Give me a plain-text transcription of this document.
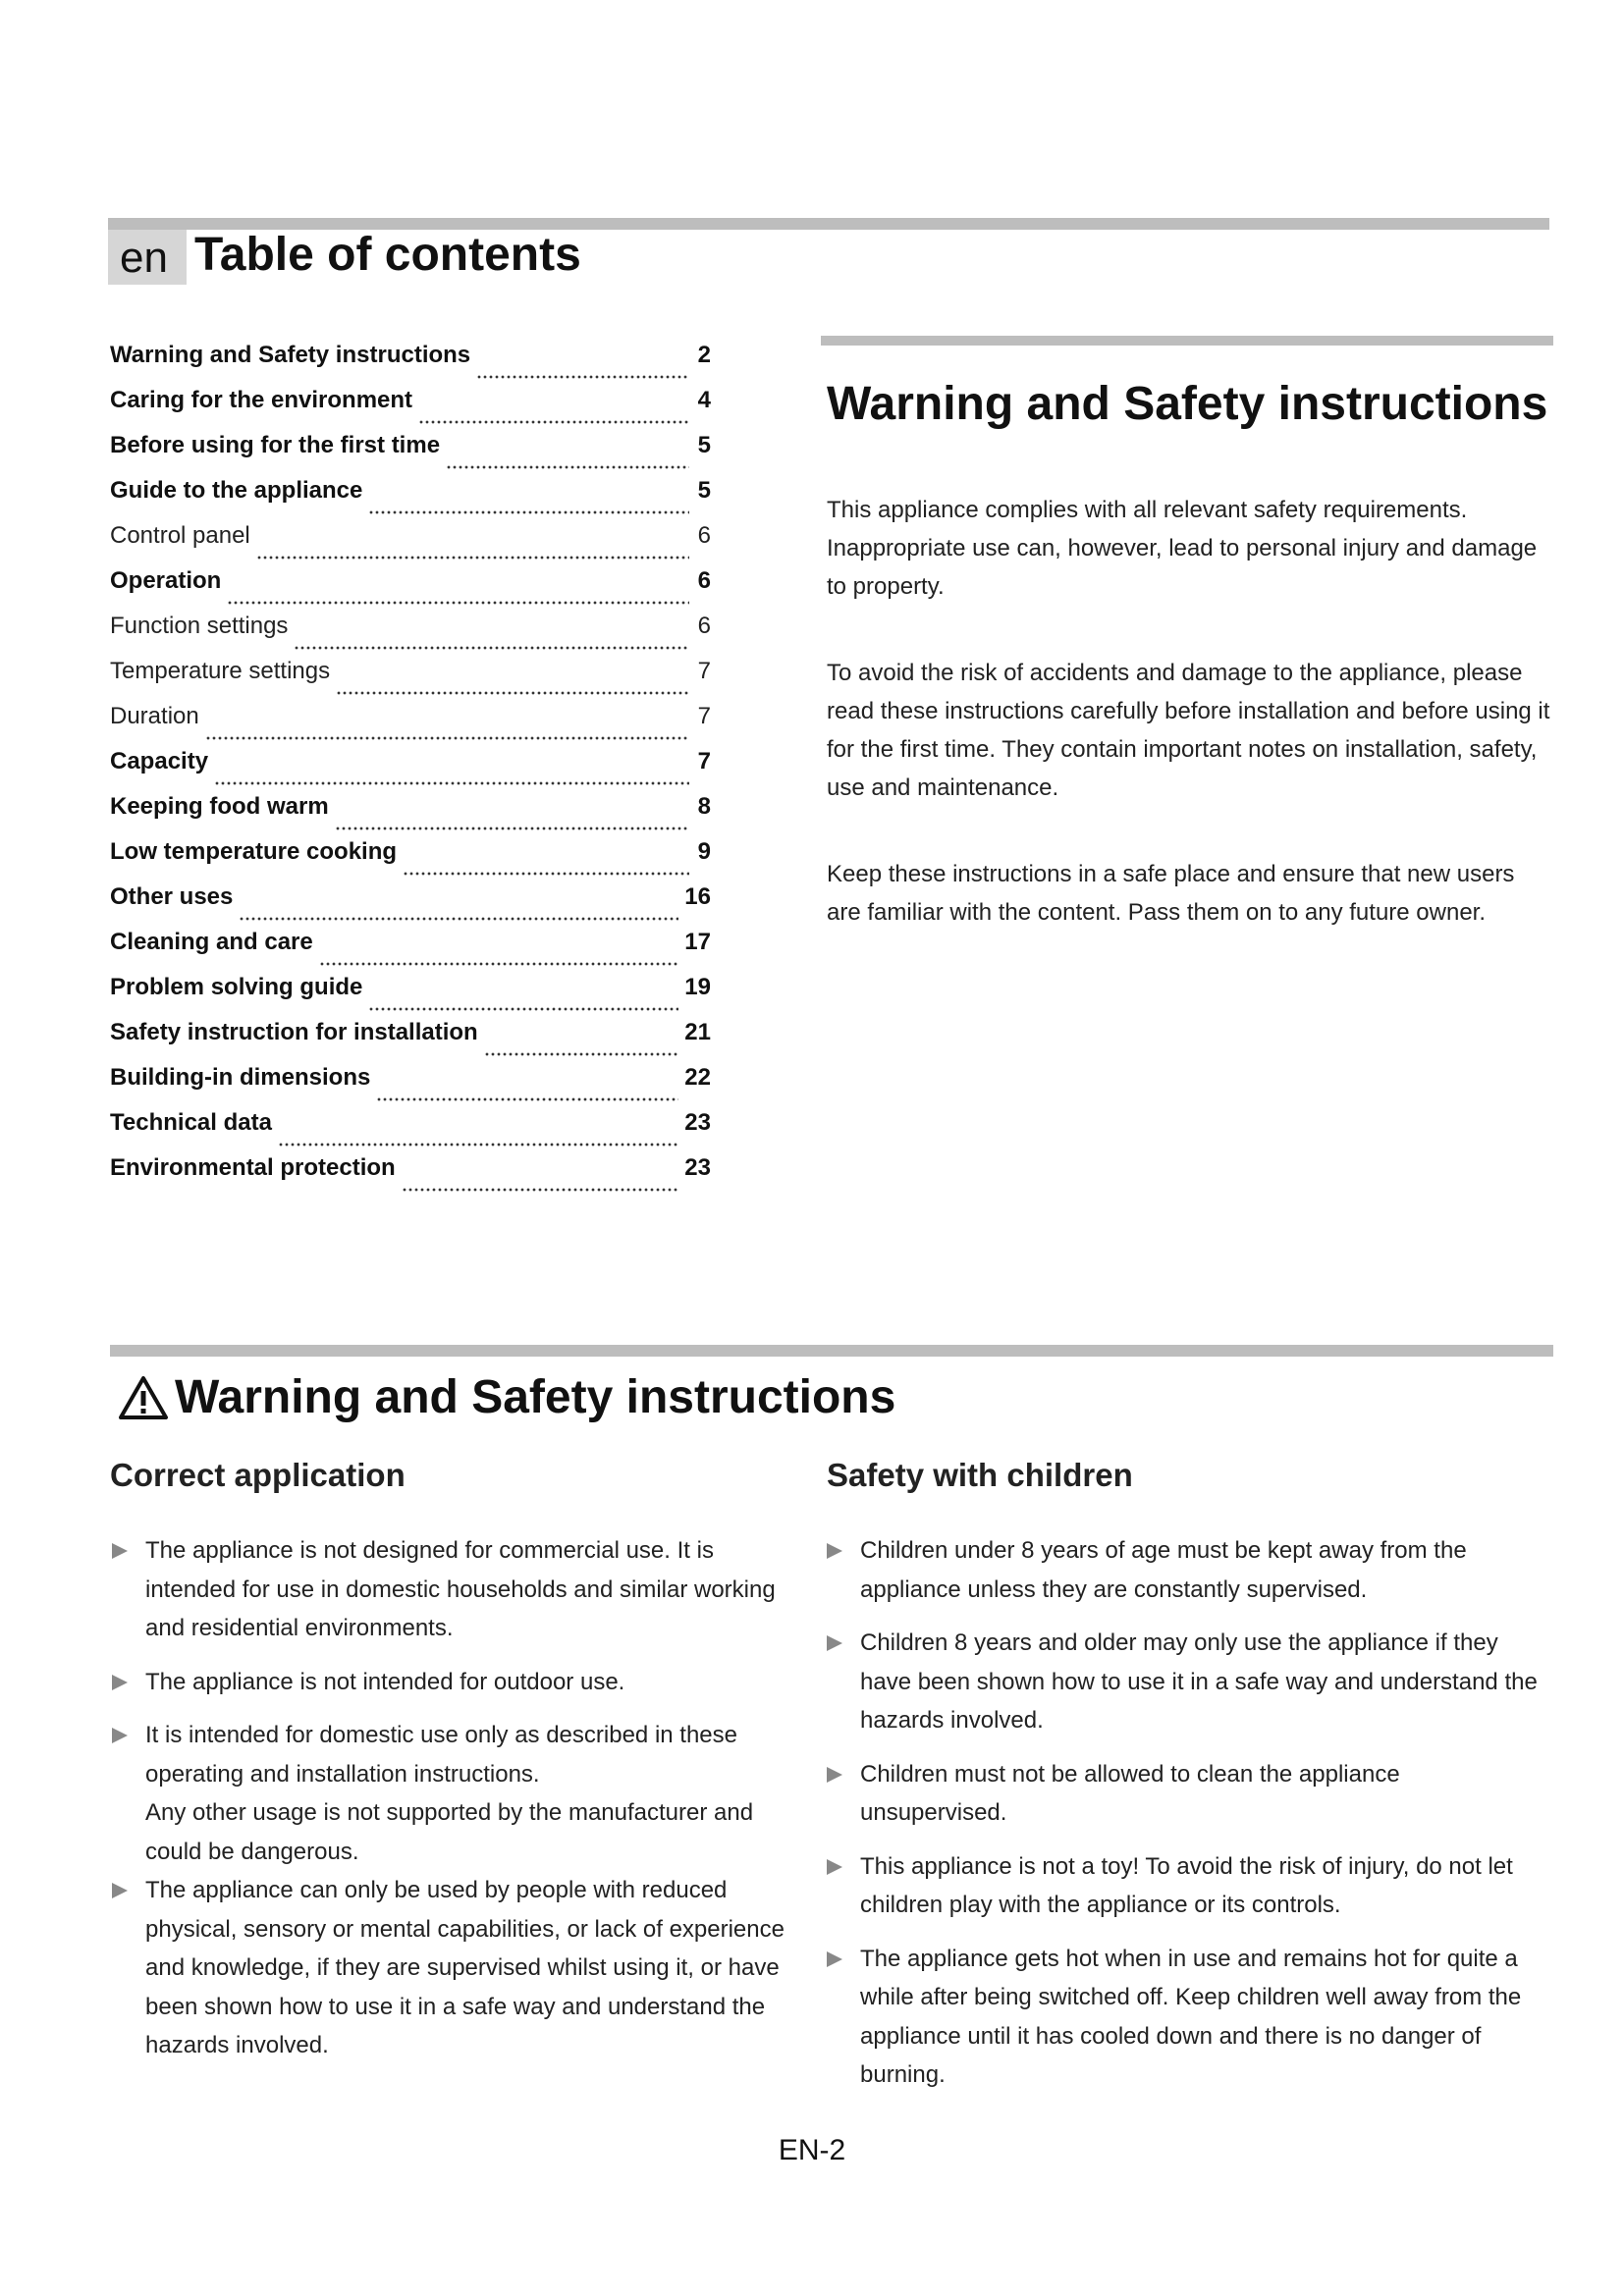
en Table of contents
Warning and Safety instructions	2
Caring for the environment	4
Before using for the first time	5
Guide to the appliance	5
Control panel	6
Operation	6
Function settings	6
Temperature settings	7
Duration	7
Capacity	7
Keeping food warm	8
Low temperature cooking	9
Other uses	16
Cleaning and care	17
Problem solving guide	19
Safety instruction for installation	21
Building-in dimensions	22
Technical data	23
Environmental protection	23
Warning and Safety instructions
This appliance complies with all relevant safety requirements. Inappropriate use can, however, lead to personal injury and damage to property.
To avoid the risk of accidents and damage to the appliance, please read these instructions carefully before installation and before using it for the first time. They contain important notes on installation, safety, use and maintenance.
Keep these instructions in a safe place and ensure that new users are familiar with the content. Pass them on to any future owner.
Warning and Safety instructions
Correct application
The appliance is not designed for commercial use. It is intended for use in domestic households and similar working and residential environments.
The appliance is not intended for outdoor use.
It is intended for domestic use only as described in these operating and installation instructions.
Any other usage is not supported by the manufacturer and could be dangerous.
The appliance can only be used by people with reduced physical, sensory or mental capabilities, or lack of experience and knowledge, if they are supervised whilst using it, or have been shown how to use it in a safe way and understand the hazards involved.
Safety with children
Children under 8 years of age must be kept away from the appliance unless they are constantly supervised.
Children 8 years and older may only use the appliance if they have been shown how to use it in a safe way and understand the hazards involved.
Children must not be allowed to clean the appliance unsupervised.
This appliance is not a toy! To avoid the risk of injury, do not let children play with the appliance or its controls.
The appliance gets hot when in use and remains hot for quite a while after being switched off. Keep children well away from the appliance until it has cooled down and there is no danger of burning.
EN-2
